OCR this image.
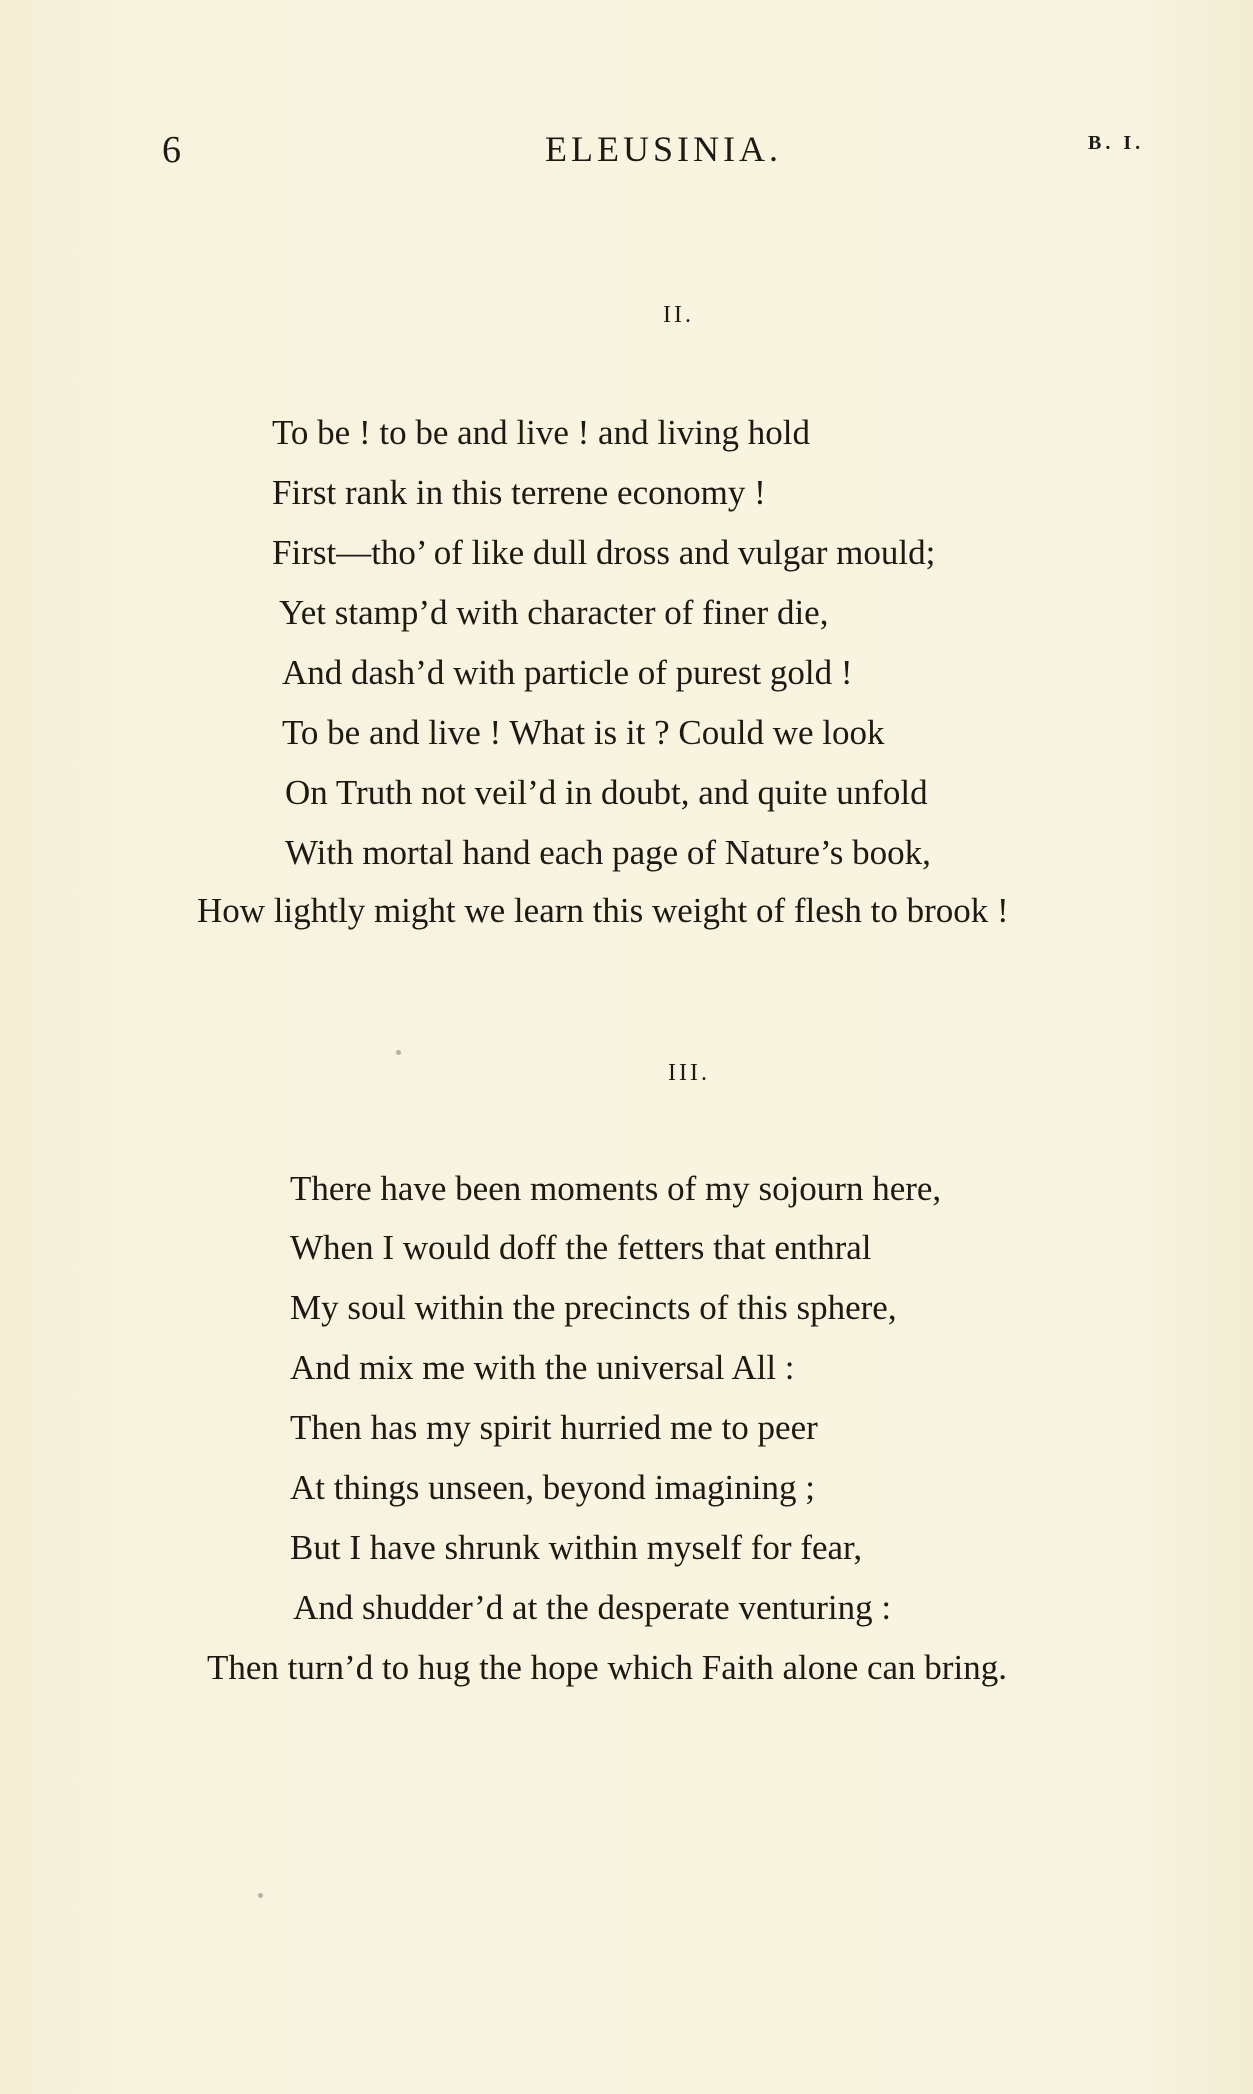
6	ELEUSINIA.	B. I.
II.
To be ! to be and live ! and living hold
First rank in this terrene economy !
First—tho’ of like dull dross and vulgar mould;
Yet stamp’d with character of finer die,
And dash’d with particle of purest gold !
To be and live ! What is it ? Could we look
On Truth not veil’d in doubt, and quite unfold
With mortal hand each page of Nature’s book,
How lightly might we learn this weight of flesh to brook !
III.
There have been moments of my sojourn here,
When I would doff the fetters that enthral
My soul within the precincts of this sphere,
And mix me with the universal All :
Then has my spirit hurried me to peer
At things unseen, beyond imagining ;
But I have shrunk within myself for fear,
And shudder’d at the desperate venturing :
Then turn’d to hug the hope which Faith alone can bring.
